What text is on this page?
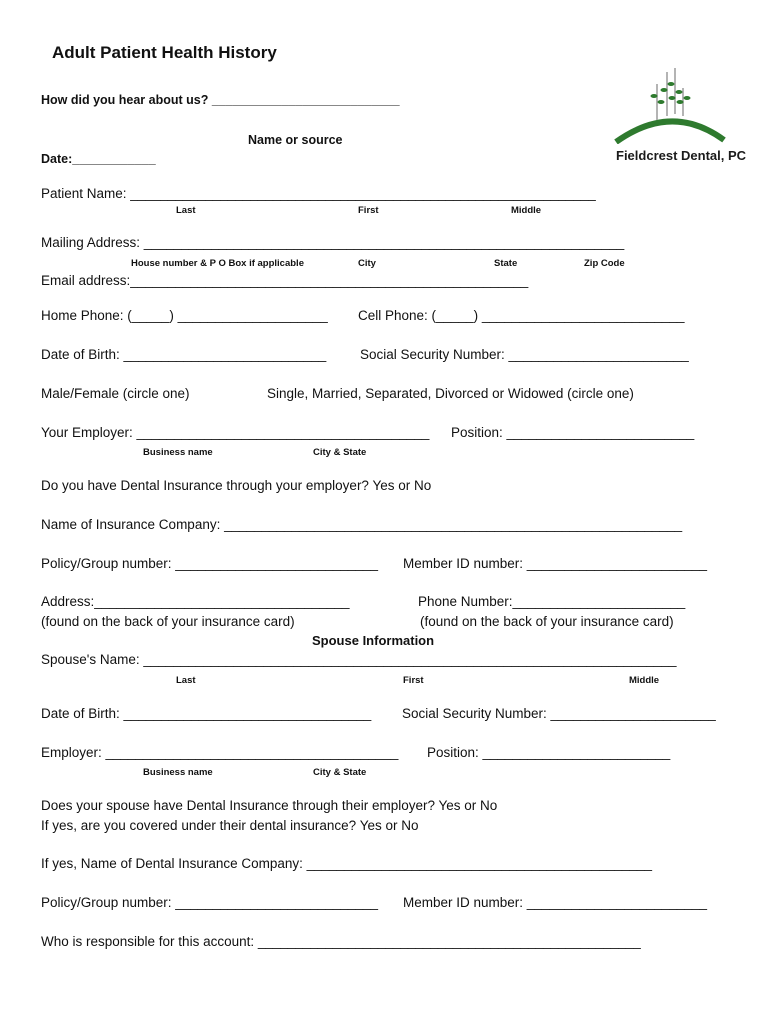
Adult Patient Health History
Fieldcrest Dental, PC
How did you hear about us? ___________________________
Name or source
Date:____________
Patient Name: ______________________________________________________________
Last	First	Middle
Mailing Address: ________________________________________________________________
House number & P O Box if applicable	City	State	Zip Code
Email address:_____________________________________________________
Home Phone: (_____) ____________________ Cell Phone: (_____) ___________________________
Date of Birth: ___________________________ Social Security Number: ________________________
Male/Female (circle one)	Single, Married, Separated, Divorced or Widowed (circle one)
Your Employer: _______________________________________ Position: _________________________
Business name	City & State
Do you have Dental Insurance through your employer? Yes or No
Name of Insurance Company: _____________________________________________________________
Policy/Group number: ___________________________ Member ID number: ________________________
Address:__________________________________	Phone Number:_______________________
(found on the back of your insurance card)	(found on the back of your insurance card)
Spouse Information
Spouse's Name: _______________________________________________________________________
Last	First	Middle
Date of Birth: _________________________________ Social Security Number: ______________________
Employer: _______________________________________ Position: _________________________
Business name	City & State
Does your spouse have Dental Insurance through their employer? Yes or No
If yes, are you covered under their dental insurance? Yes or No
If yes, Name of Dental Insurance Company: ______________________________________________
Policy/Group number: ___________________________ Member ID number: ________________________
Who is responsible for this account: ___________________________________________________
